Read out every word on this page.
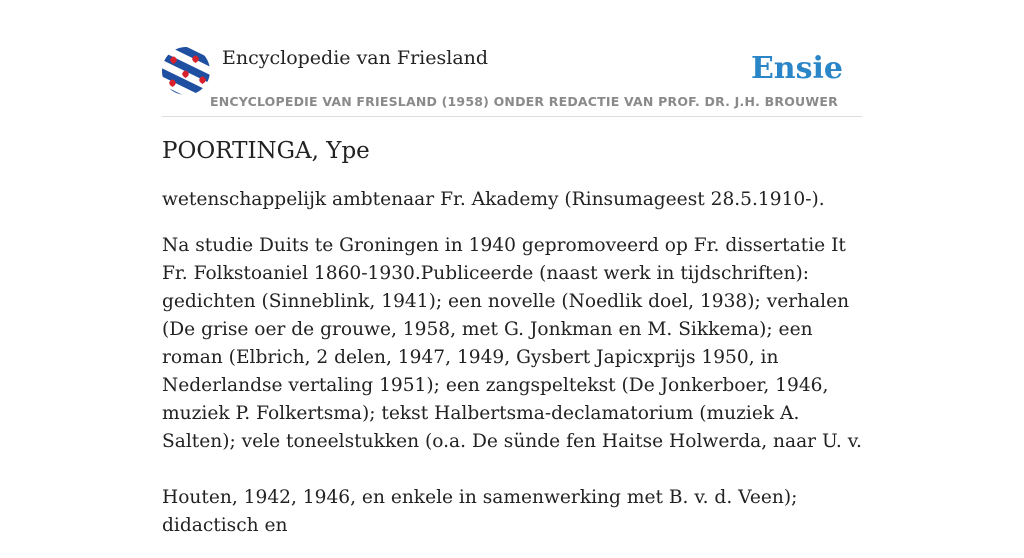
Encyclopedie van Friesland
ENCYCLOPEDIE VAN FRIESLAND (1958) ONDER REDACTIE VAN PROF. DR. J.H. BROUWER
Ensie
POORTINGA, Ype

wetenschappelijk ambtenaar Fr. Akademy (Rinsumageest 28.5.1910-).

Na studie Duits te Groningen in 1940 gepromoveerd op Fr. dissertatie It Fr. Folkstoaniel 1860-1930.Publiceerde (naast werk in tijdschriften): gedichten (Sinneblink, 1941); een novelle (Noedlik doel, 1938); verhalen (De grise oer de grouwe, 1958, met G. Jonkman en M. Sikkema); een roman (Elbrich, 2 delen, 1947, 1949, Gysbert Japicxprijs 1950, in Nederlandse vertaling 1951); een zangspeltekst (De Jonkerboer, 1946, muziek P. Folkertsma); tekst Halbertsma-declamatorium (muziek A. Salten); vele toneelstukken (o.a. De sünde fen Haitse Holwerda, naar U. v.

Houten, 1942, 1946, en enkele in samenwerking met B. v. d. Veen); didactisch en
